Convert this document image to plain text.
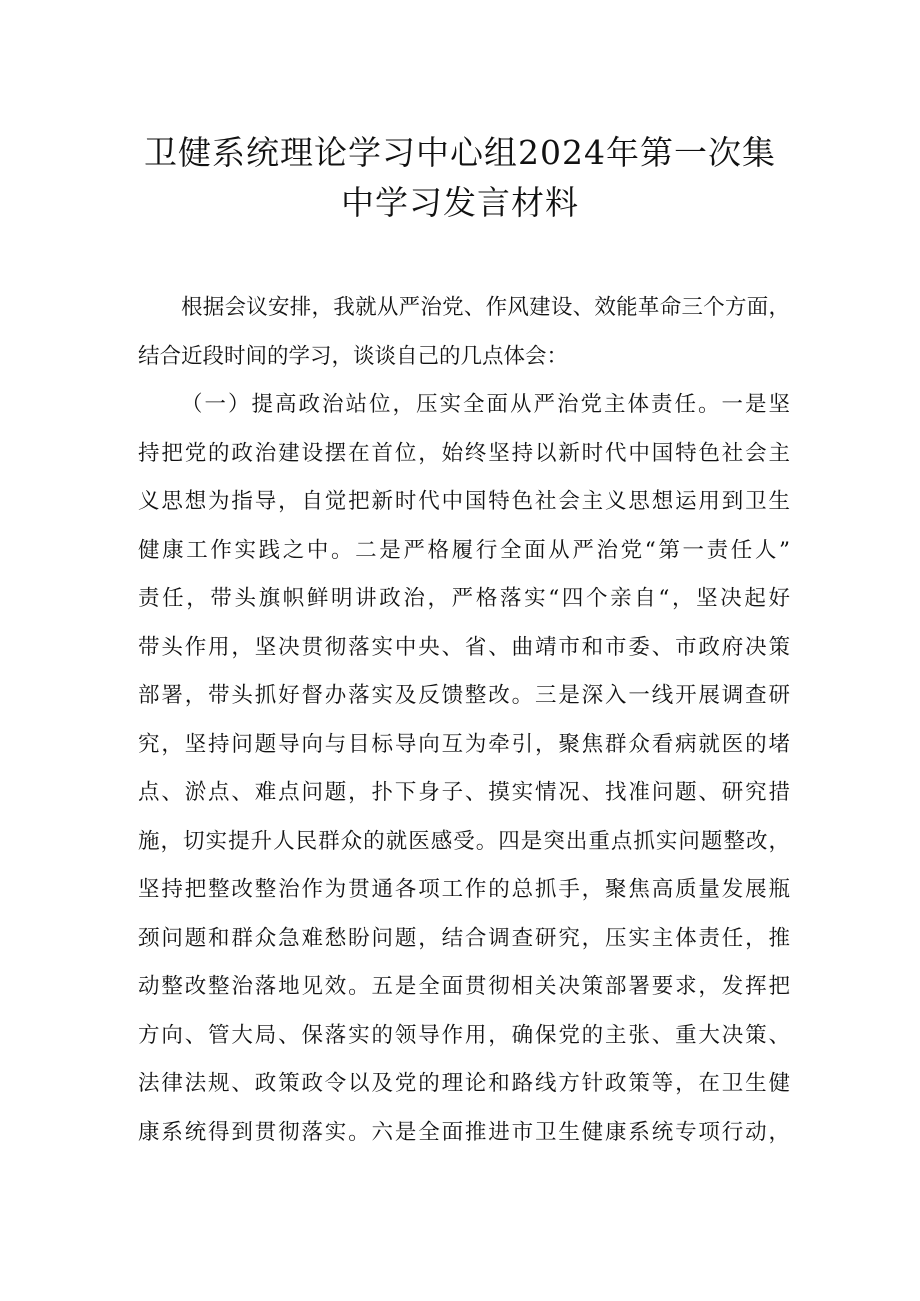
卫健系统理论学习中心组2024年第一次集
中学习发言材料
根据会议安排，我就从严治党、作风建设、效能革命三个方面，
结合近段时间的学习，谈谈自己的几点体会：
（一）提高政治站位，压实全面从严治党主体责任。一是坚
持把党的政治建设摆在首位，始终坚持以新时代中国特色社会主
义思想为指导，自觉把新时代中国特色社会主义思想运用到卫生
健康工作实践之中。二是严格履行全面从严治党“第一责任人”
责任，带头旗帜鲜明讲政治，严格落实“四个亲自“，坚决起好
带头作用，坚决贯彻落实中央、省、曲靖市和市委、市政府决策
部署，带头抓好督办落实及反馈整改。三是深入一线开展调查研
究，坚持问题导向与目标导向互为牵引，聚焦群众看病就医的堵
点、淤点、难点问题，扑下身子、摸实情况、找准问题、研究措
施，切实提升人民群众的就医感受。四是突出重点抓实问题整改，
坚持把整改整治作为贯通各项工作的总抓手，聚焦高质量发展瓶
颈问题和群众急难愁盼问题，结合调查研究，压实主体责任，推
动整改整治落地见效。五是全面贯彻相关决策部署要求，发挥把
方向、管大局、保落实的领导作用，确保党的主张、重大决策、
法律法规、政策政令以及党的理论和路线方针政策等，在卫生健
康系统得到贯彻落实。六是全面推进市卫生健康系统专项行动，
